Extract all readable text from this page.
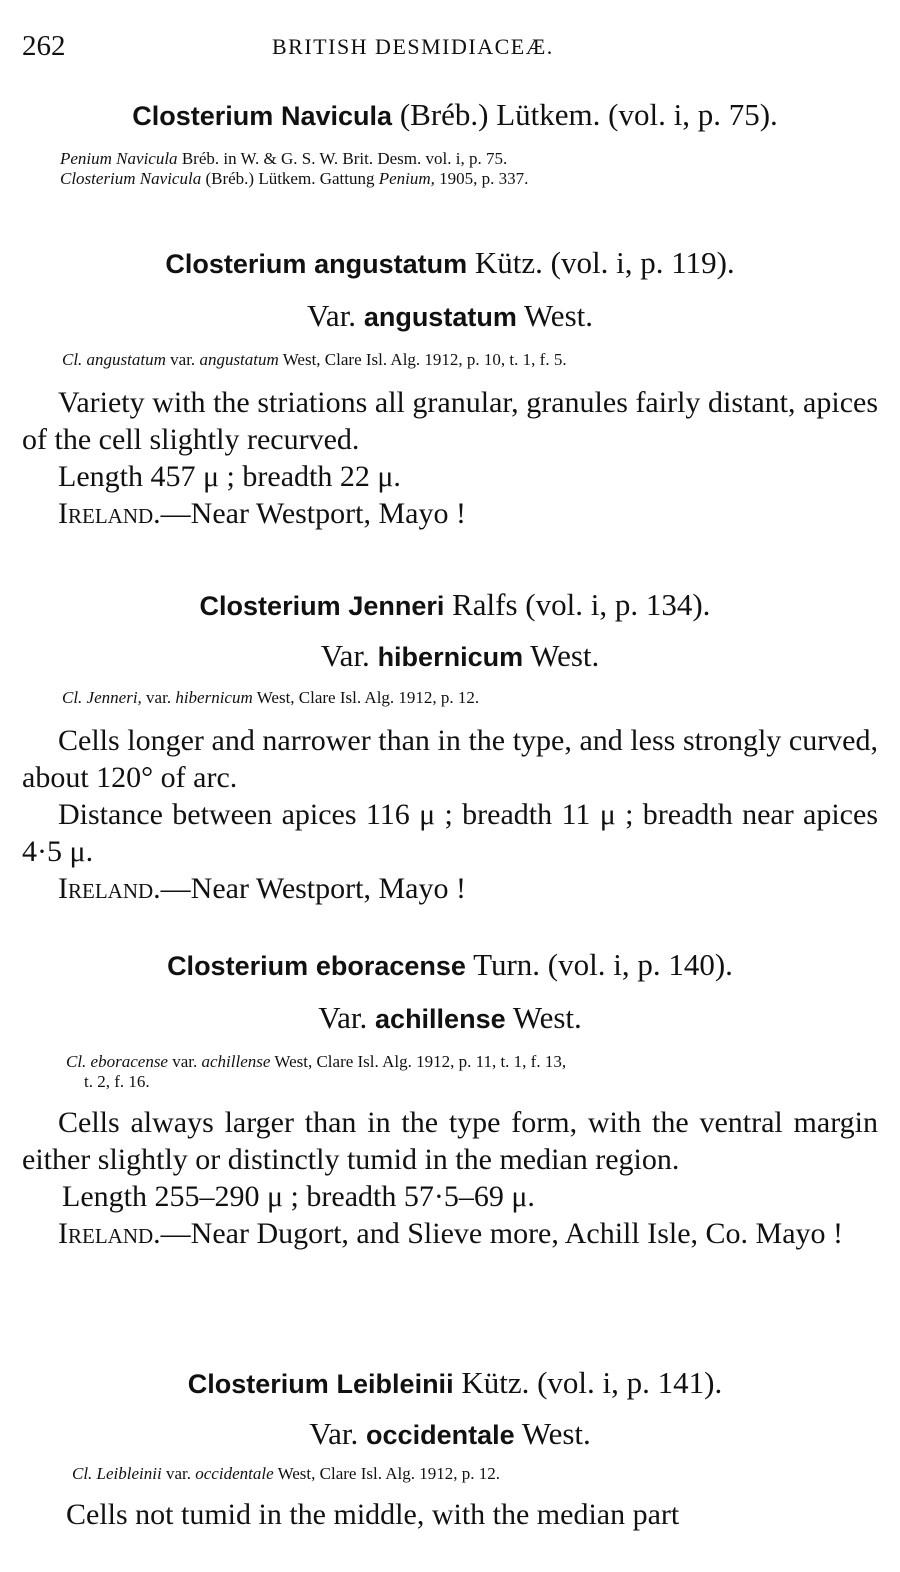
262	BRITISH DESMIDIACEÆ.
Closterium Navicula (Bréb.) Lütkem. (vol. i, p. 75).
Penium Navicula Bréb. in W. & G. S. W. Brit. Desm. vol. i, p. 75.
Closterium Navicula (Bréb.) Lütkem. Gattung Penium, 1905, p. 337.
Closterium angustatum Kütz. (vol. i, p. 119).
Var. angustatum West.
Cl. angustatum var. angustatum West, Clare Isl. Alg. 1912, p. 10, t. 1, f. 5.
Variety with the striations all granular, granules fairly distant, apices of the cell slightly recurved.
Length 457 μ ; breadth 22 μ.
Ireland.—Near Westport, Mayo !
Closterium Jenneri Ralfs (vol. i, p. 134).
Var. hibernicum West.
Cl. Jenneri, var. hibernicum West, Clare Isl. Alg. 1912, p. 12.
Cells longer and narrower than in the type, and less strongly curved, about 120° of arc.
Distance between apices 116 μ ; breadth 11 μ ; breadth near apices 4·5 μ.
Ireland.—Near Westport, Mayo !
Closterium eboracense Turn. (vol. i, p. 140).
Var. achillense West.
Cl. eboracense var. achillense West, Clare Isl. Alg. 1912, p. 11, t. 1, f. 13,
t. 2, f. 16.
Cells always larger than in the type form, with the ventral margin either slightly or distinctly tumid in the median region.
Length 255–290 μ ; breadth 57·5–69 μ.
Ireland.—Near Dugort, and Slieve more, Achill Isle, Co. Mayo !
Closterium Leibleinii Kütz. (vol. i, p. 141).
Var. occidentale West.
Cl. Leibleinii var. occidentale West, Clare Isl. Alg. 1912, p. 12.
Cells not tumid in the middle, with the median part
